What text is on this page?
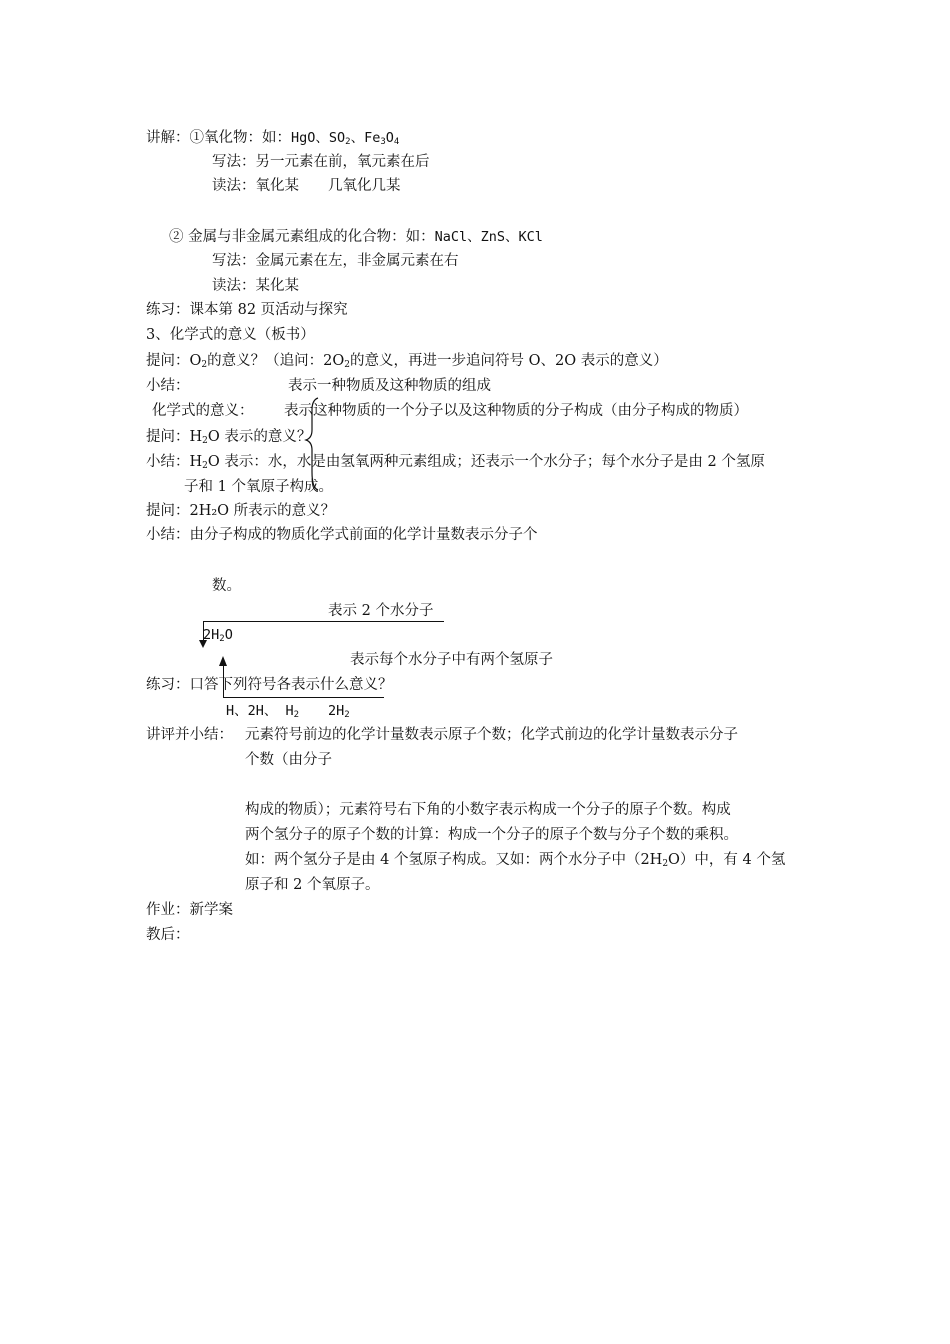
讲解：①氧化物：如：HgO、$SO_2$、$Fe_3O_4$
写法：另一元素在前，氧元素在后
读法：氧化某　　几氧化几某
② 金属与非金属元素组成的化合物：如：NaCl、ZnS、KCl
写法：金属元素在左，非金属元素在右
读法：某化某
练习：课本第 82 页活动与探究
3、化学式的意义（板书）
提问：$O_2$的意义？（追问：$2O_2$的意义，再进一步追问符号 O、2O 表示的意义）
小结：	表示一种物质及这种物质的组成
化学式的意义： 表示这种物质的一个分子以及这种物质的分子构成（由分子构成的物质）
提问：$H_2O$ 表示的意义？
小结：$H_2O$ 表示：水，水是由氢氧两种元素组成；还表示一个水分子；每个水分子是由 2 个氢原
子和 1 个氧原子构成。
提问：2H₂O 所表示的意义？
小结：由分子构成的物质化学式前面的化学计量数表示分子个
数。
表示 2 个水分子
$2H_2O$
表示每个水分子中有两个氢原子
练习：口答下列符号各表示什么意义？
H、2H、 $H_2$ $2H_2$
讲评并小结： 元素符号前边的化学计量数表示原子个数；化学式前边的化学计量数表示分子
个数（由分子
构成的物质）；元素符号右下角的小数字表示构成一个分子的原子个数。构成
两个氢分子的原子个数的计算：构成一个分子的原子个数与分子个数的乘积。
如：两个氢分子是由 4 个氢原子构成。又如：两个水分子中$(2H_2O)$中，有 4 个氢
原子和 2 个氧原子。
作业：新学案
教后：
